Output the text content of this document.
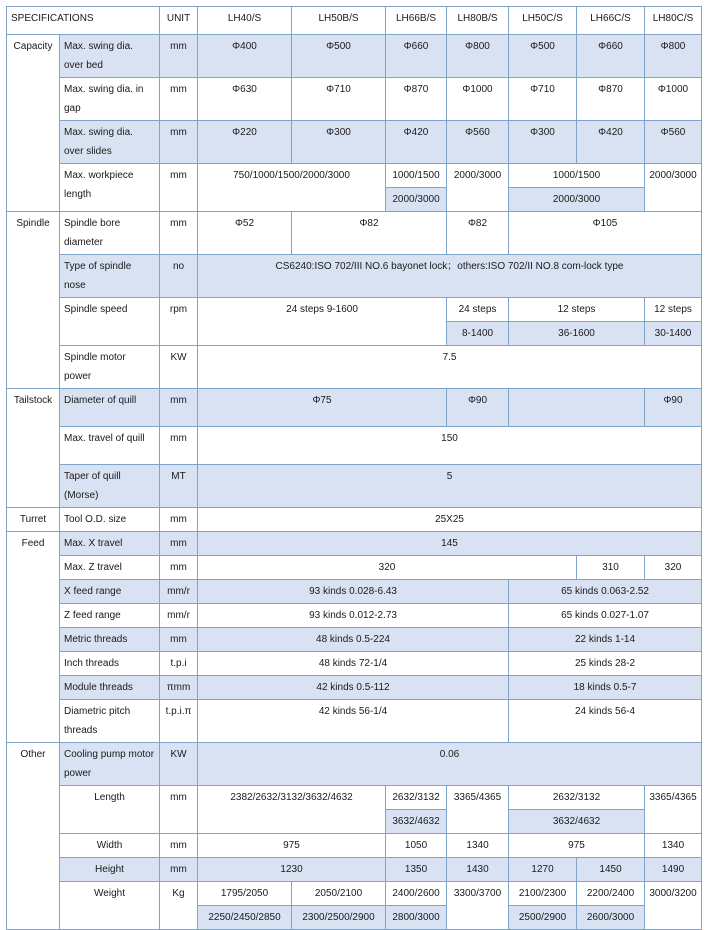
SPECIFICATIONS		UNIT	LH40/S	LH50B/S	LH66B/S	LH80B/S	LH50C/S	LH66C/S	LH80C/S
Capacity	Max. swing dia. over bed	mm	Φ400	Φ500	Φ660	Φ800	Φ500	Φ660	Φ800
	Max. swing dia. in gap	mm	Φ630	Φ710	Φ870	Φ1000	Φ710	Φ870	Φ1000
	Max. swing dia. over slides	mm	Φ220	Φ300	Φ420	Φ560	Φ300	Φ420	Φ560
	Max. workpiece length	mm	750/1000/1500/2000/3000		1000/1500	2000/3000	1000/1500		2000/3000
					2000/3000		2000/3000		
Spindle	Spindle bore diameter	mm	Φ52	Φ82		Φ82	Φ105		
	Type of spindle nose	no	CS6240:ISO 702/III NO.6 bayonet lock；others:ISO 702/II NO.8 com-lock type						
	Spindle speed	rpm	24 steps 9-1600			24 steps	12 steps		12 steps
						8-1400	36-1600		30-1400
	Spindle motor power	KW	7.5						
Tailstock	Diameter of quill	mm	Φ75			Φ90			Φ90
	Max. travel of quill	mm	150						
	Taper of quill (Morse)	MT	5						
Turret	Tool O.D. size	mm	25X25						
Feed	Max. X travel	mm	145						
	Max. Z travel	mm	320					310	320
	X feed range	mm/r	93 kinds 0.028-6.43				65 kinds 0.063-2.52		
	Z feed range	mm/r	93 kinds 0.012-2.73				65 kinds 0.027-1.07		
	Metric threads	mm	48 kinds 0.5-224				22 kinds 1-14		
	Inch threads	t.p.i	48 kinds 72-1/4				25 kinds 28-2		
	Module threads	πmm	42 kinds 0.5-112				18 kinds 0.5-7		
	Diametric pitch threads	t.p.i.π	42 kinds 56-1/4				24 kinds 56-4		
Other	Cooling pump motor power	KW	0.06						
	Length	mm	2382/2632/3132/3632/4632		2632/3132	3365/4365	2632/3132		3365/4365
					3632/4632		3632/4632		
	Width	mm	975		1050	1340	975		1340
	Height	mm	1230		1350	1430	1270	1450	1490
	Weight	Kg	1795/2050	2050/2100	2400/2600	3300/3700	2100/2300	2200/2400	3000/3200
			2250/2450/2850	2300/2500/2900	2800/3000		2500/2900	2600/3000	
